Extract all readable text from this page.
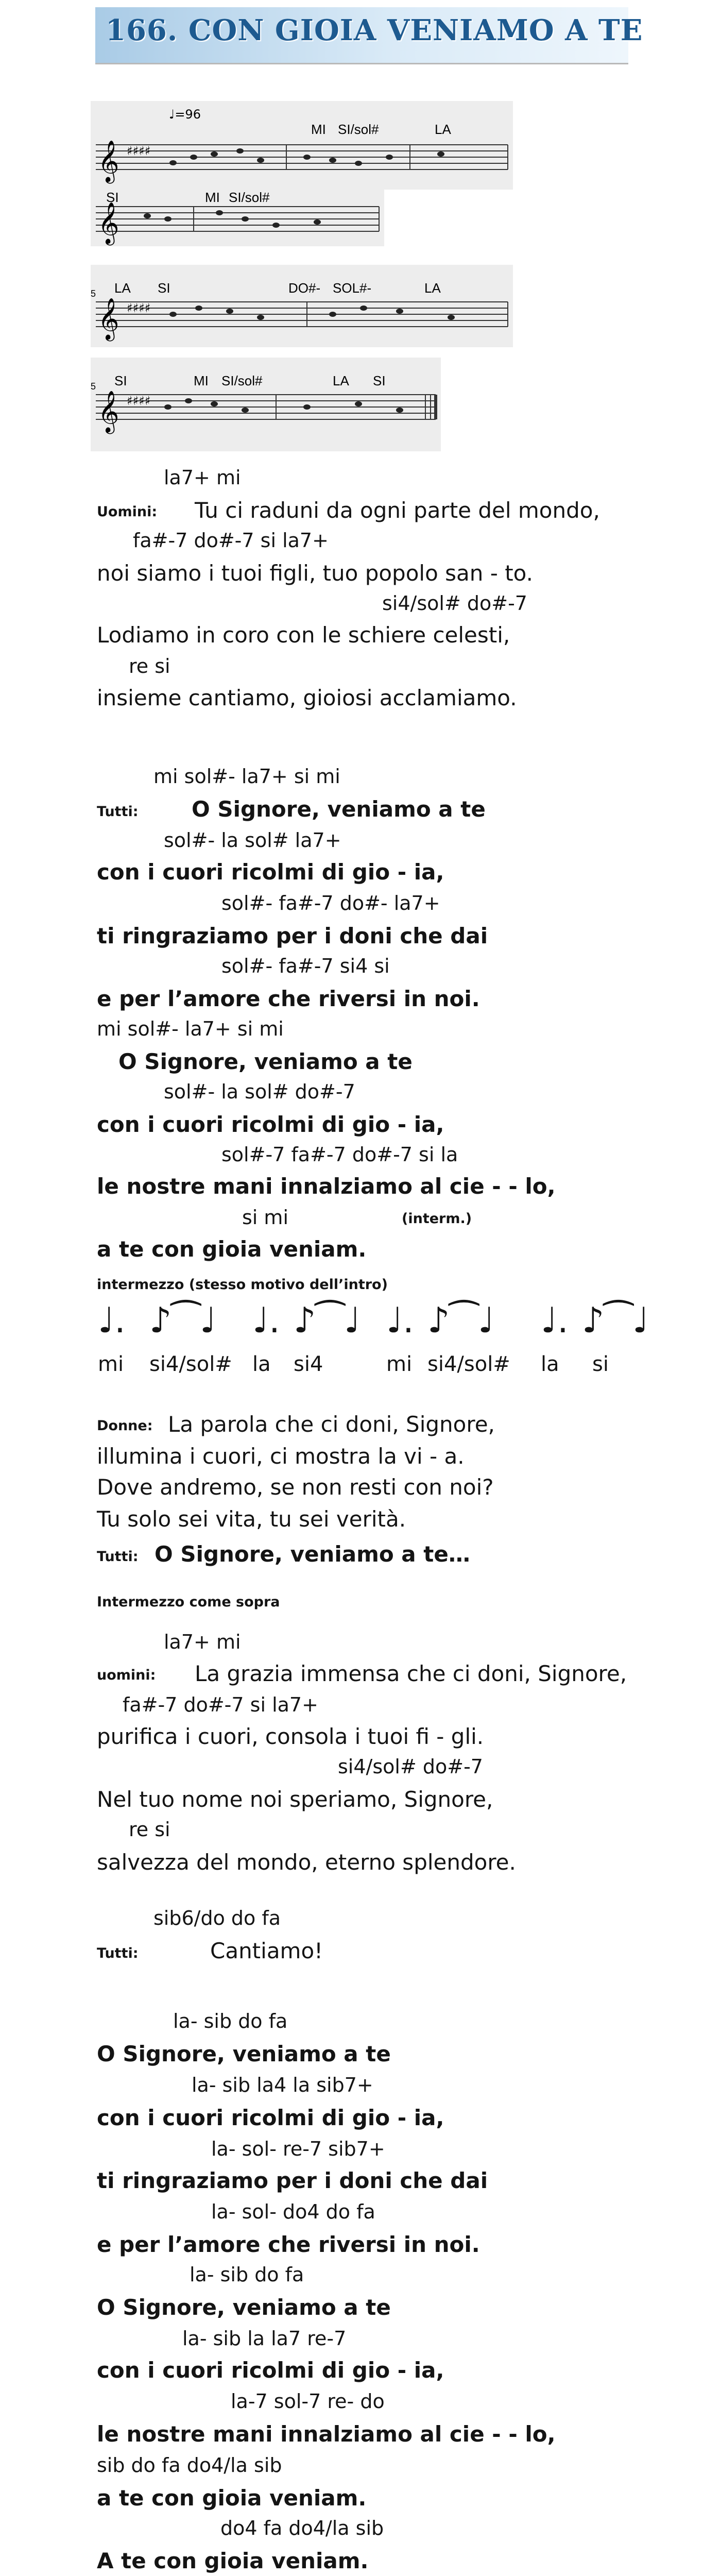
166. CON GIOIA VENIAMO A TE
♩=96
𝄞 ♯♯♯♯
MI SI/sol#	LA
𝄞
SI	MI SI/sol#
5
𝄞 ♯♯♯♯
LA SI	DO#- SOL#-	LA
5
𝄞 ♯♯♯♯
SI	MI SI/sol#	LA SI
la7+ mi
Uomini: Tu ci raduni da ogni parte del mondo,
fa#-7 do#-7 si la7+
noi siamo i tuoi figli, tuo popolo san - to.
si4/sol# do#-7
Lodiamo in coro con le schiere celesti,
re si
insieme cantiamo, gioiosi acclamiamo.
mi sol#- la7+ si mi
Tutti: O Signore, veniamo a te
sol#- la sol# la7+
con i cuori ricolmi di gio - ia,
sol#- fa#-7 do#- la7+
ti ringraziamo per i doni che dai
sol#- fa#-7 si4 si
e per l’amore che riversi in noi.
mi sol#- la7+ si mi
O Signore, veniamo a te
sol#- la sol# do#-7
con i cuori ricolmi di gio - ia,
sol#-7 fa#-7 do#-7 si la
le nostre mani innalziamo al cie - - lo,
si mi	(interm.)
a te con gioia veniam.
intermezzo (stesso motivo dell’intro)
♩. ♪⁀♩ ♩. ♪⁀♩ ♩. ♪⁀♩ ♩. ♪⁀♩
mi si4/sol# la si4	mi si4/sol# la si
Donne: La parola che ci doni, Signore,
illumina i cuori, ci mostra la vi - a.
Dove andremo, se non resti con noi?
Tu solo sei vita, tu sei verità.
Tutti: O Signore, veniamo a te…
Intermezzo come sopra
la7+ mi
uomini: La grazia immensa che ci doni, Signore,
fa#-7 do#-7 si la7+
purifica i cuori, consola i tuoi fi - gli.
si4/sol# do#-7
Nel tuo nome noi speriamo, Signore,
re si
salvezza del mondo, eterno splendore.
sib6/do do fa
Tutti:	Cantiamo!
la- sib do fa
O Signore, veniamo a te
la- sib la4 la sib7+
con i cuori ricolmi di gio - ia,
la- sol- re-7 sib7+
ti ringraziamo per i doni che dai
la- sol- do4 do fa
e per l’amore che riversi in noi.
la- sib do fa
O Signore, veniamo a te
la- sib la la7 re-7
con i cuori ricolmi di gio - ia,
la-7 sol-7 re- do
le nostre mani innalziamo al cie - - lo,
sib do fa do4/la sib
a te con gioia veniam.
do4 fa do4/la sib
A te con gioia veniam.
